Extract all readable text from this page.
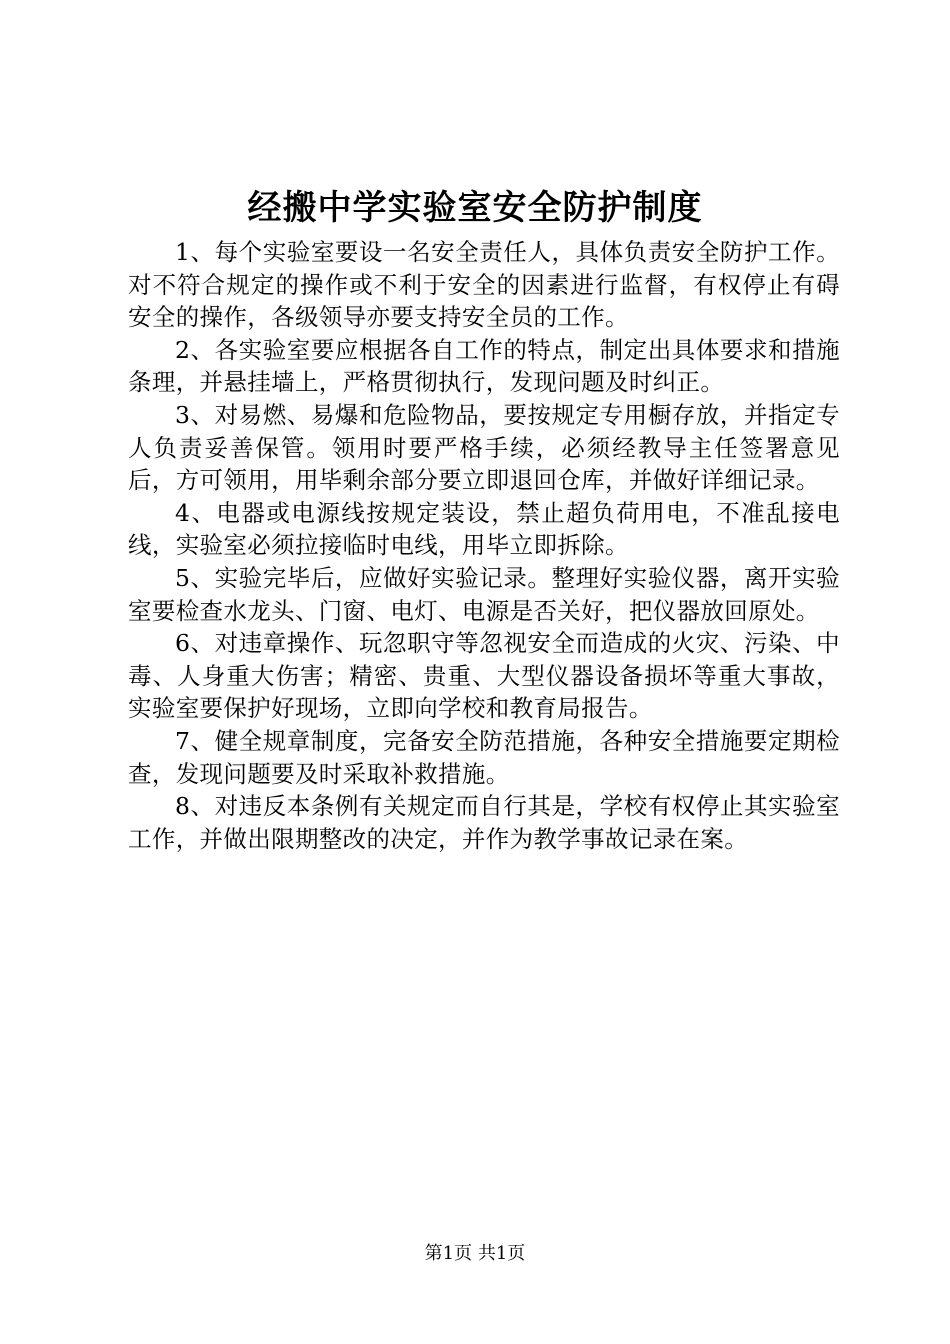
经搬中学实验室安全防护制度

1、每个实验室要设一名安全责任人，具体负责安全防护工作。对不符合规定的操作或不利于安全的因素进行监督，有权停止有碍安全的操作，各级领导亦要支持安全员的工作。

2、各实验室要应根据各自工作的特点，制定出具体要求和措施条理，并悬挂墙上，严格贯彻执行，发现问题及时纠正。

3、对易燃、易爆和危险物品，要按规定专用橱存放，并指定专人负责妥善保管。领用时要严格手续，必须经教导主任签署意见后，方可领用，用毕剩余部分要立即退回仓库，并做好详细记录。

4、电器或电源线按规定装设，禁止超负荷用电，不准乱接电线，实验室必须拉接临时电线，用毕立即拆除。

5、实验完毕后，应做好实验记录。整理好实验仪器，离开实验室要检查水龙头、门窗、电灯、电源是否关好，把仪器放回原处。

6、对违章操作、玩忽职守等忽视安全而造成的火灾、污染、中毒、人身重大伤害；精密、贵重、大型仪器设备损坏等重大事故，实验室要保护好现场，立即向学校和教育局报告。

7、健全规章制度，完备安全防范措施，各种安全措施要定期检查，发现问题要及时采取补救措施。

8、对违反本条例有关规定而自行其是，学校有权停止其实验室工作，并做出限期整改的决定，并作为教学事故记录在案。

第1页 共1页
